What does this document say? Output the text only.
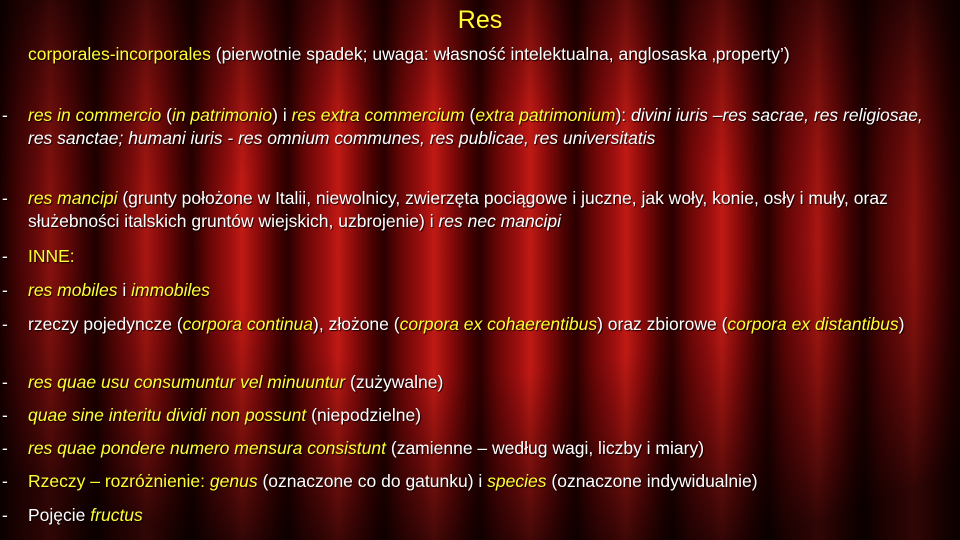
Res
corporales-incorporales (pierwotnie spadek; uwaga: własność intelektualna, anglosaska ‚property’)
-	res in commercio (in patrimonio) i res extra commercium (extra patrimonium): divini iuris –res sacrae, res religiosae, res sanctae; humani iuris - res omnium communes, res publicae, res universitatis
-	res mancipi (grunty położone w Italii, niewolnicy, zwierzęta pociągowe i juczne, jak woły, konie, osły i muły, oraz służebności italskich gruntów wiejskich, uzbrojenie) i res nec mancipi
-	INNE:
-	res mobiles i immobiles
-	rzeczy pojedyncze (corpora continua), złożone (corpora ex cohaerentibus) oraz zbiorowe (corpora ex distantibus)
-	res quae usu consumuntur vel minuuntur (zużywalne)
-	quae sine interitu dividi non possunt (niepodzielne)
-	res quae pondere numero mensura consistunt (zamienne – według wagi, liczby i miary)
-	Rzeczy – rozróżnienie: genus (oznaczone co do gatunku) i species (oznaczone indywidualnie)
-	Pojęcie fructus
